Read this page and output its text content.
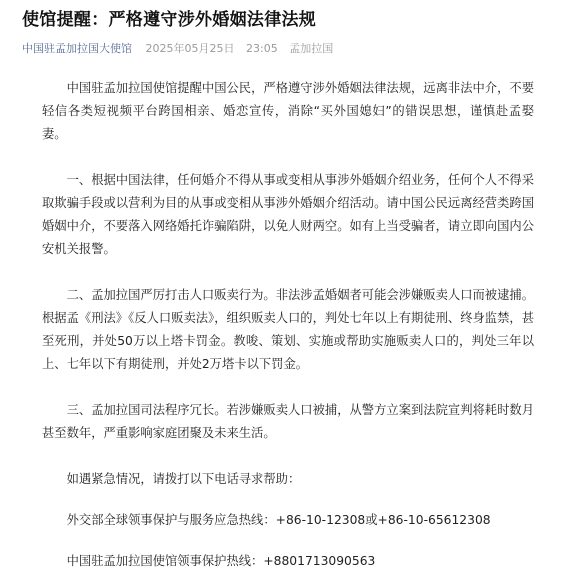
使馆提醒：严格遵守涉外婚姻法律法规
中国驻孟加拉国大使馆 2025年05月25日 23:05 孟加拉国

中国驻孟加拉国使馆提醒中国公民，严格遵守涉外婚姻法律法规，远离非法中介，不要轻信各类短视频平台跨国相亲、婚恋宣传，消除“买外国媳妇”的错误思想，谨慎赴孟娶妻。

一、根据中国法律，任何婚介不得从事或变相从事涉外婚姻介绍业务，任何个人不得采取欺骗手段或以营利为目的从事或变相从事涉外婚姻介绍活动。请中国公民远离经营类跨国婚姻中介，不要落入网络婚托诈骗陷阱，以免人财两空。如有上当受骗者，请立即向国内公安机关报警。

二、孟加拉国严厉打击人口贩卖行为。非法涉孟婚姻者可能会涉嫌贩卖人口而被逮捕。根据孟《刑法》《反人口贩卖法》，组织贩卖人口的，判处七年以上有期徒刑、终身监禁，甚至死刑，并处50万以上塔卡罚金。教唆、策划、实施或帮助实施贩卖人口的，判处三年以上、七年以下有期徒刑，并处2万塔卡以下罚金。

三、孟加拉国司法程序冗长。若涉嫌贩卖人口被捕，从警方立案到法院宣判将耗时数月甚至数年，严重影响家庭团聚及未来生活。

如遇紧急情况，请拨打以下电话寻求帮助：

外交部全球领事保护与服务应急热线：+86-10-12308或+86-10-65612308

中国驻孟加拉国使馆领事保护热线：+8801713090563
